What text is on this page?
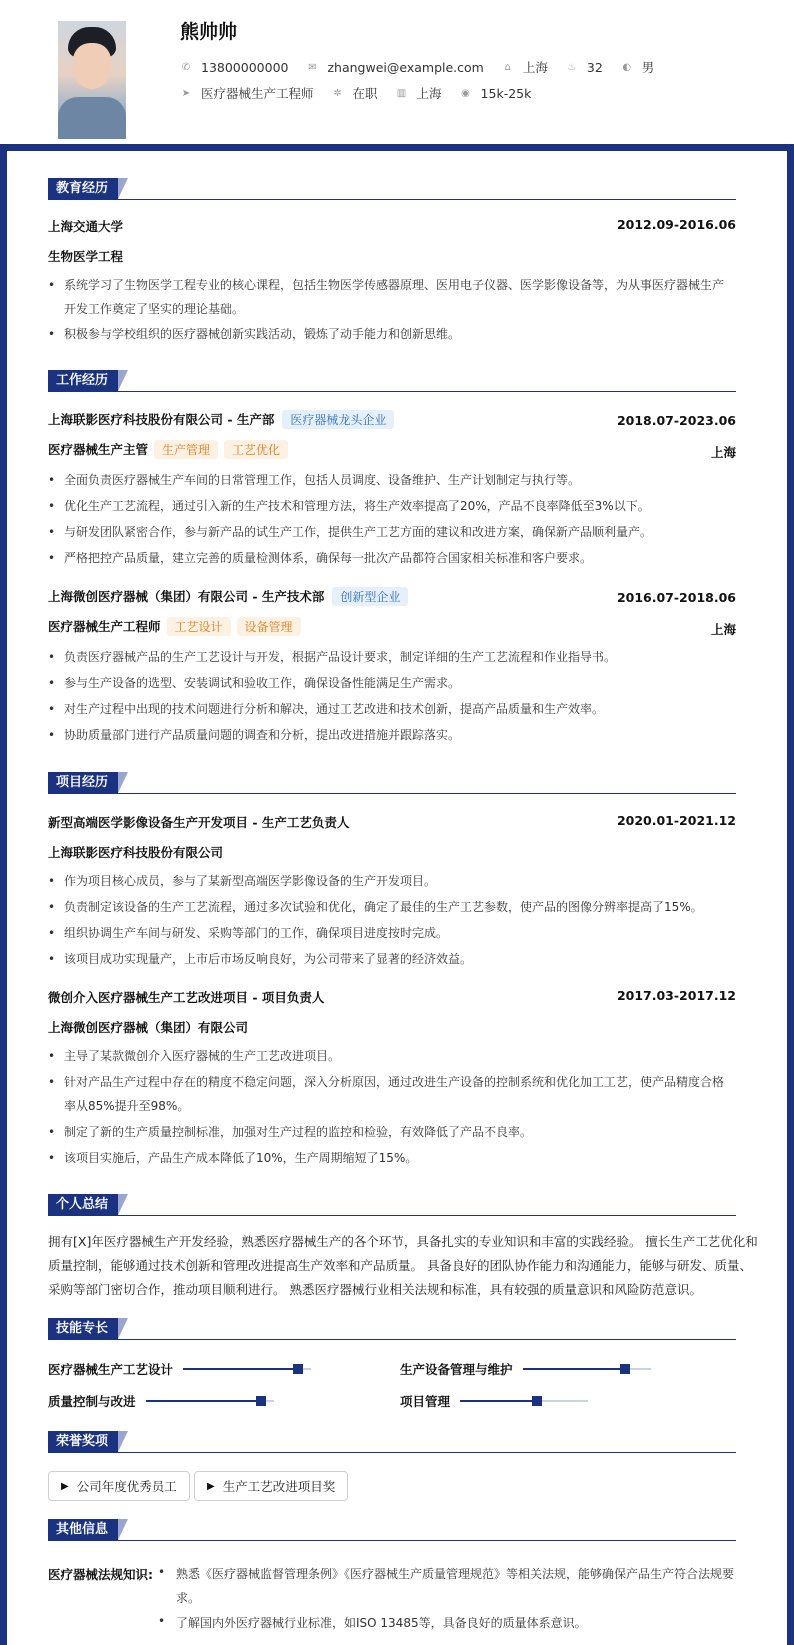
熊帅帅
✆ 13800000000 ✉ zhangwei@example.com ⌂ 上海 ♨ 32 ◐ 男
➤ 医疗器械生产工程师 ✲ 在职 ▥ 上海 ◉ 15k-25k
教育经历
上海交通大学	2012.09-2016.06
生物医学工程
• 系统学习了生物医学工程专业的核心课程，包括生物医学传感器原理、医用电子仪器、医学影像设备等，为从事医疗器械生产
开发工作奠定了坚实的理论基础。
• 积极参与学校组织的医疗器械创新实践活动，锻炼了动手能力和创新思维。
工作经历
上海联影医疗科技股份有限公司 - 生产部 医疗器械龙头企业	2018.07-2023.06
医疗器械生产主管 生产管理 工艺优化	上海
• 全面负责医疗器械生产车间的日常管理工作，包括人员调度、设备维护、生产计划制定与执行等。
• 优化生产工艺流程，通过引入新的生产技术和管理方法，将生产效率提高了20%，产品不良率降低至3%以下。
• 与研发团队紧密合作，参与新产品的试生产工作，提供生产工艺方面的建议和改进方案，确保新产品顺利量产。
• 严格把控产品质量，建立完善的质量检测体系，确保每一批次产品都符合国家相关标准和客户要求。
上海微创医疗器械（集团）有限公司 - 生产技术部 创新型企业	2016.07-2018.06
医疗器械生产工程师 工艺设计 设备管理	上海
• 负责医疗器械产品的生产工艺设计与开发，根据产品设计要求，制定详细的生产工艺流程和作业指导书。
• 参与生产设备的选型、安装调试和验收工作，确保设备性能满足生产需求。
• 对生产过程中出现的技术问题进行分析和解决，通过工艺改进和技术创新，提高产品质量和生产效率。
• 协助质量部门进行产品质量问题的调查和分析，提出改进措施并跟踪落实。
项目经历
新型高端医学影像设备生产开发项目 - 生产工艺负责人	2020.01-2021.12
上海联影医疗科技股份有限公司
• 作为项目核心成员，参与了某新型高端医学影像设备的生产开发项目。
• 负责制定该设备的生产工艺流程，通过多次试验和优化，确定了最佳的生产工艺参数，使产品的图像分辨率提高了15%。
• 组织协调生产车间与研发、采购等部门的工作，确保项目进度按时完成。
• 该项目成功实现量产，上市后市场反响良好，为公司带来了显著的经济效益。
微创介入医疗器械生产工艺改进项目 - 项目负责人	2017.03-2017.12
上海微创医疗器械（集团）有限公司
• 主导了某款微创介入医疗器械的生产工艺改进项目。
• 针对产品生产过程中存在的精度不稳定问题，深入分析原因，通过改进生产设备的控制系统和优化加工工艺，使产品精度合格
率从85%提升至98%。
• 制定了新的生产质量控制标准，加强对生产过程的监控和检验，有效降低了产品不良率。
• 该项目实施后，产品生产成本降低了10%，生产周期缩短了15%。
个人总结
拥有[X]年医疗器械生产开发经验，熟悉医疗器械生产的各个环节，具备扎实的专业知识和丰富的实践经验。 擅长生产工艺优化和
质量控制，能够通过技术创新和管理改进提高生产效率和产品质量。 具备良好的团队协作能力和沟通能力，能够与研发、质量、
采购等部门密切合作，推动项目顺利进行。 熟悉医疗器械行业相关法规和标准，具有较强的质量意识和风险防范意识。
技能专长
医疗器械生产工艺设计	生产设备管理与维护
质量控制与改进	项目管理
荣誉奖项
▶ 公司年度优秀员工	▶ 生产工艺改进项目奖
其他信息
医疗器械法规知识: • 熟悉《医疗器械监督管理条例》《医疗器械生产质量管理规范》等相关法规，能够确保产品生产符合法规要
求。
• 了解国内外医疗器械行业标准，如ISO 13485等，具备良好的质量体系意识。
